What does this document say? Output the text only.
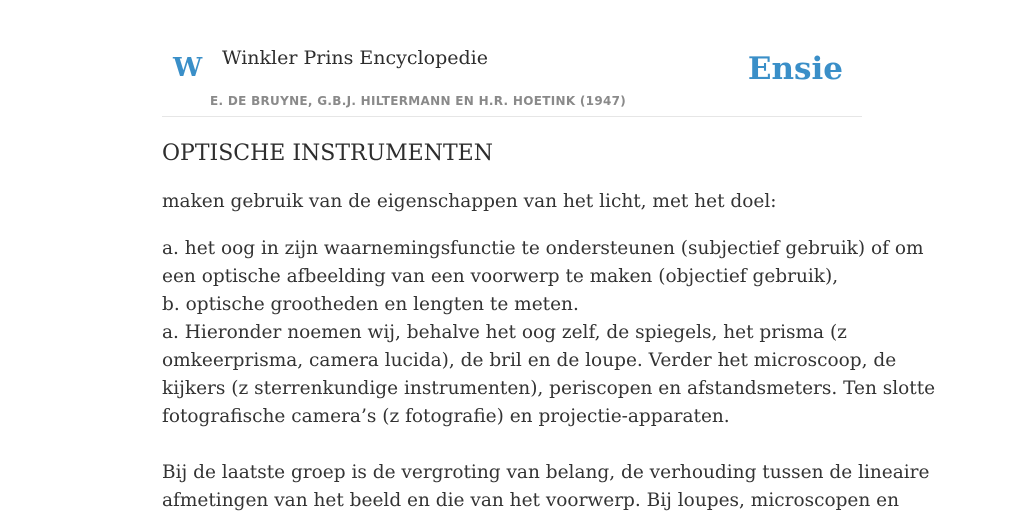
W Winkler Prins Encyclopedie	Ensie
E. DE BRUYNE, G.B.J. HILTERMANN EN H.R. HOETINK (1947)
OPTISCHE INSTRUMENTEN

maken gebruik van de eigenschappen van het licht, met het doel:

a. het oog in zijn waarnemingsfunctie te ondersteunen (subjectief gebruik) of om
een optische afbeelding van een voorwerp te maken (objectief gebruik),
b. optische grootheden en lengten te meten.
a. Hieronder noemen wij, behalve het oog zelf, de spiegels, het prisma (z
omkeerprisma, camera lucida), de bril en de loupe. Verder het microscoop, de
kijkers (z sterrenkundige instrumenten), periscopen en afstandsmeters. Ten slotte
fotografische camera’s (z fotografie) en projectie-apparaten.
Bij de laatste groep is de vergroting van belang, de verhouding tussen de lineaire
afmetingen van het beeld en die van het voorwerp. Bij loupes, microscopen en
